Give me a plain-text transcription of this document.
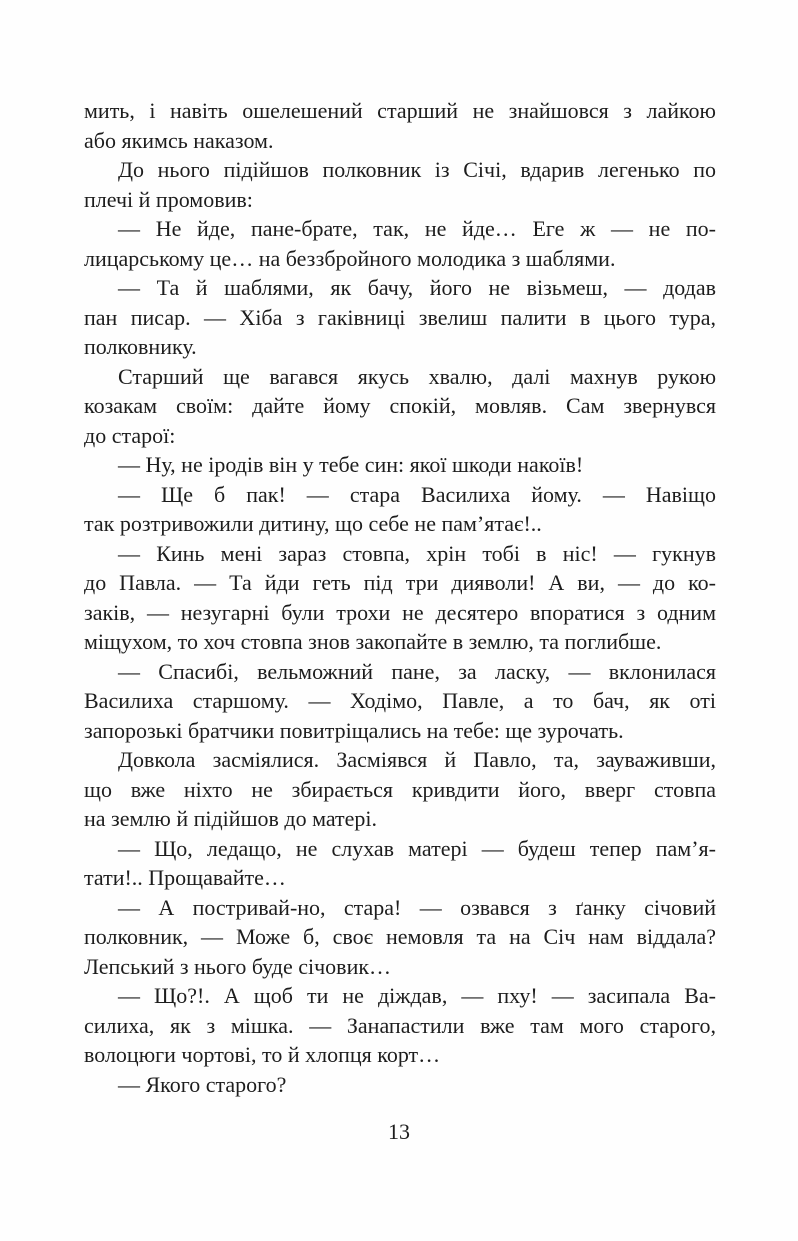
мить, і навіть ошелешений старший не знайшовся з лайкою
або якимсь наказом.

До нього підійшов полковник із Січі, вдарив легенько по
плечі й промовив:

— Не йде, пане-брате, так, не йде… Еге ж — не по-
лицарському це… на беззбройного молодика з шаблями.

— Та й шаблями, як бачу, його не візьмеш, — додав
пан писар. — Хіба з гаківниці звелиш палити в цього тура,
полковнику.

Старший ще вагався якусь хвалю, далі махнув рукою
козакам своїм: дайте йому спокій, мовляв. Сам звернувся
до старої:

— Ну, не іродів він у тебе син: якої шкоди накоїв!

— Ще б пак! — стара Василиха йому. — Навіщо
так розтривожили дитину, що себе не пам’ятає!..

— Кинь мені зараз стовпа, хрін тобі в ніс! — гукнув
до Павла. — Та йди геть під три дияволи! А ви, — до ко-
заків, — незугарні були трохи не десятеро впоратися з одним
міщухом, то хоч стовпа знов закопайте в землю, та поглибше.

— Спасибі, вельможний пане, за ласку, — вклонилася
Василиха старшому. — Ходімо, Павле, а то бач, як оті
запорозькі братчики повитріщались на тебе: ще зурочать.

Довкола засміялися. Засміявся й Павло, та, зауваживши,
що вже ніхто не збирається кривдити його, вверг стовпа
на землю й підійшов до матері.

— Що, ледащо, не слухав матері — будеш тепер пам’я-
тати!.. Прощавайте…

— А постривай-но, стара! — озвався з ґанку січовий
полковник, — Може б, своє немовля та на Січ нам віддала?
Лепський з нього буде січовик…

— Що?!. А щоб ти не діждав, — пху! — засипала Ва-
силиха, як з мішка. — Занапастили вже там мого старого,
волоцюги чортові, то й хлопця корт…

— Якого старого?

13
